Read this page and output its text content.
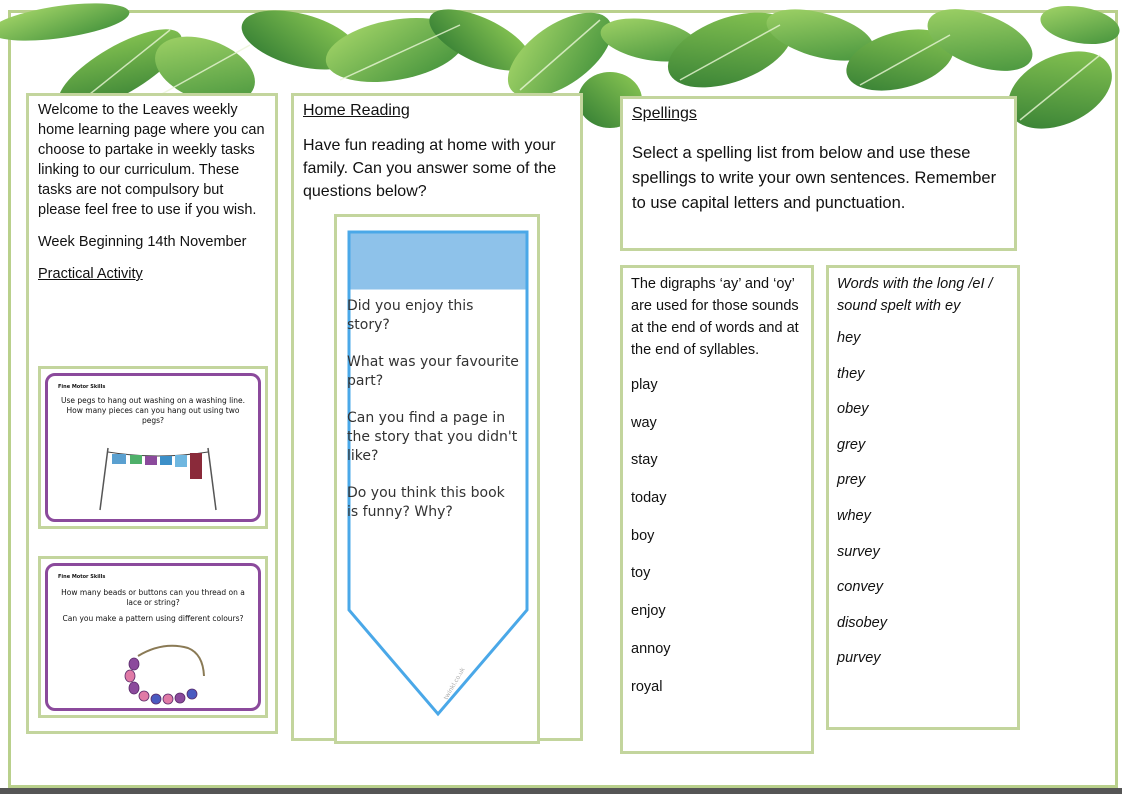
Welcome to the Leaves weekly home learning page where you can choose to partake in weekly tasks linking to our curriculum. These tasks are not compulsory but please feel free to use if you wish.

Week Beginning 14th November

Practical Activity

Fine Motor Skills
Use pegs to hang out washing on a washing line. How many pieces can you hang out using two pegs?
Fine Motor Skills
How many beads or buttons can you thread on a lace or string?
Can you make a pattern using different colours?
Home Reading
Have fun reading at home with your family. Can you answer some of the questions below?
twinkl.co.uk

Did you enjoy this story?

What was your favourite part?

Can you find a page in the story that you didn't like?

Do you think this book is funny? Why?

Spellings
Select a spelling list from below and use these spellings to write your own sentences. Remember to use capital letters and punctuation.
The digraphs ‘ay’ and ‘oy’ are used for those sounds at the end of words and at the end of syllables.
play
way
stay
today
boy
toy
enjoy
annoy
royal
Words with the long /eI / sound spelt with ey
hey
they
obey
grey
prey
whey
survey
convey
disobey
purvey
